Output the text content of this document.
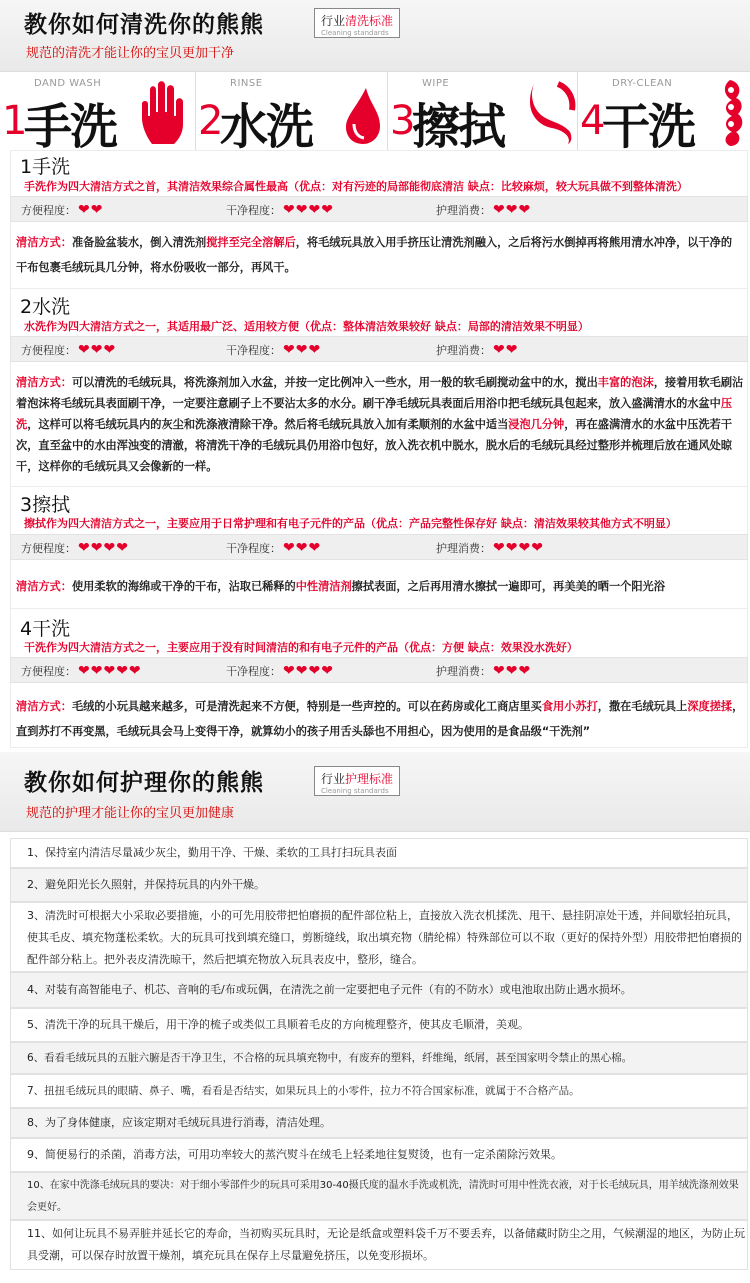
教你如何清洗你的熊熊	行业清洗标准
Cleaning standards
规范的清洗才能让你的宝贝更加干净
DAND WASH
1
手洗
RINSE
2
水洗
WIPE
3
擦拭
DRY-CLEAN
4
干洗
1手洗
手洗作为四大清洁方式之首，其清洁效果综合属性最高（优点：对有污迹的局部能彻底清洁 缺点：比较麻烦，较大玩具做不到整体清洗）
方便程度： ❤❤	干净程度： ❤❤❤❤	护理消费： ❤❤❤
清洁方式：准备脸盆装水，倒入清洗剂搅拌至完全溶解后，将毛绒玩具放入用手挤压让清洗剂融入，之后将污水倒掉再将熊用清水冲净，以干净的干布包裹毛绒玩具几分钟，将水份吸收一部分，再风干。
2水洗
水洗作为四大清洁方式之一，其适用最广泛、适用较方便（优点：整体清洁效果较好 缺点：局部的清洁效果不明显）
方便程度： ❤❤❤	干净程度： ❤❤❤	护理消费： ❤❤
清洁方式：可以清洗的毛绒玩具，将洗涤剂加入水盆，并按一定比例冲入一些水，用一般的软毛刷搅动盆中的水，搅出丰富的泡沫，接着用软毛刷沾着泡沫将毛绒玩具表面刷干净，一定要注意刷子上不要沾太多的水分。刷干净毛绒玩具表面后用浴巾把毛绒玩具包起来，放入盛满清水的水盆中压洗，这样可以将毛绒玩具内的灰尘和洗涤液清除干净。然后将毛绒玩具放入加有柔顺剂的水盆中适当浸泡几分钟，再在盛满清水的水盆中压洗若干次，直至盆中的水由浑浊变的清澈，将清洗干净的毛绒玩具仍用浴巾包好，放入洗衣机中脱水，脱水后的毛绒玩具经过整形并梳理后放在通风处晾干，这样你的毛绒玩具又会像新的一样。
3擦拭
擦拭作为四大清洁方式之一，主要应用于日常护理和有电子元件的产品（优点：产品完整性保存好 缺点：清洁效果较其他方式不明显）
方便程度： ❤❤❤❤	干净程度： ❤❤❤	护理消费： ❤❤❤❤
清洁方式：使用柔软的海绵或干净的干布，沾取已稀释的中性清洁剂擦拭表面，之后再用清水擦拭一遍即可，再美美的晒一个阳光浴
4干洗
干洗作为四大清洁方式之一，主要应用于没有时间清洁的和有电子元件的产品（优点：方便 缺点：效果没水洗好）
方便程度： ❤❤❤❤❤	干净程度： ❤❤❤❤	护理消费： ❤❤❤
清洁方式：毛绒的小玩具越来越多，可是清洗起来不方便，特别是一些声控的。可以在药房或化工商店里买食用小苏打，撒在毛绒玩具上深度搓揉，直到苏打不再变黑，毛绒玩具会马上变得干净，就算幼小的孩子用舌头舔也不用担心，因为使用的是食品级“干洗剂”
教你如何护理你的熊熊	行业护理标准
Cleaning standards
规范的护理才能让你的宝贝更加健康
1、保持室内清洁尽量减少灰尘，勤用干净、干燥、柔软的工具打扫玩具表面
2、避免阳光长久照射，并保持玩具的内外干燥。
3、清洗时可根据大小采取必要措施，小的可先用胶带把怕磨损的配件部位粘上，直接放入洗衣机揉洗、甩干、悬挂阴凉处干透，并间歇轻拍玩具，使其毛皮、填充物蓬松柔软。大的玩具可找到填充缝口，剪断缝线，取出填充物（腈纶棉）特殊部位可以不取（更好的保持外型）用胶带把怕磨损的配件部分粘上。把外表皮清洗晾干，然后把填充物放入玩具表皮中，整形，缝合。
4、对装有高智能电子、机芯、音响的毛/布或玩偶，在清洗之前一定要把电子元件（有的不防水）或电池取出防止遇水损坏。
5、清洗干净的玩具干燥后，用干净的梳子或类似工具顺着毛皮的方向梳理整齐，使其皮毛顺滑，美观。
6、看看毛绒玩具的五脏六腑是否干净卫生，不合格的玩具填充物中，有废弃的塑料，纤维绳，纸屑，甚至国家明令禁止的黑心棉。
7、扭扭毛绒玩具的眼睛、鼻子、嘴，看看是否结实，如果玩具上的小零件，拉力不符合国家标准，就属于不合格产品。
8、为了身体健康，应该定期对毛绒玩具进行消毒，清洁处理。
9、简便易行的杀菌，消毒方法，可用功率较大的蒸汽熨斗在绒毛上轻柔地往复熨烫，也有一定杀菌除污效果。
10、在家中洗涤毛绒玩具的要决：对于细小零部件少的玩具可采用30-40摄氏度的温水手洗或机洗，清洗时可用中性洗衣液，对于长毛绒玩具，用羊绒洗涤剂效果会更好。
11、如何让玩具不易弄脏并延长它的寿命，当初购买玩具时，无论是纸盒或塑料袋千万不要丢弃，以备储藏时防尘之用，气候潮湿的地区，为防止玩具受潮，可以保存时放置干燥剂，填充玩具在保存上尽量避免挤压，以免变形损坏。
